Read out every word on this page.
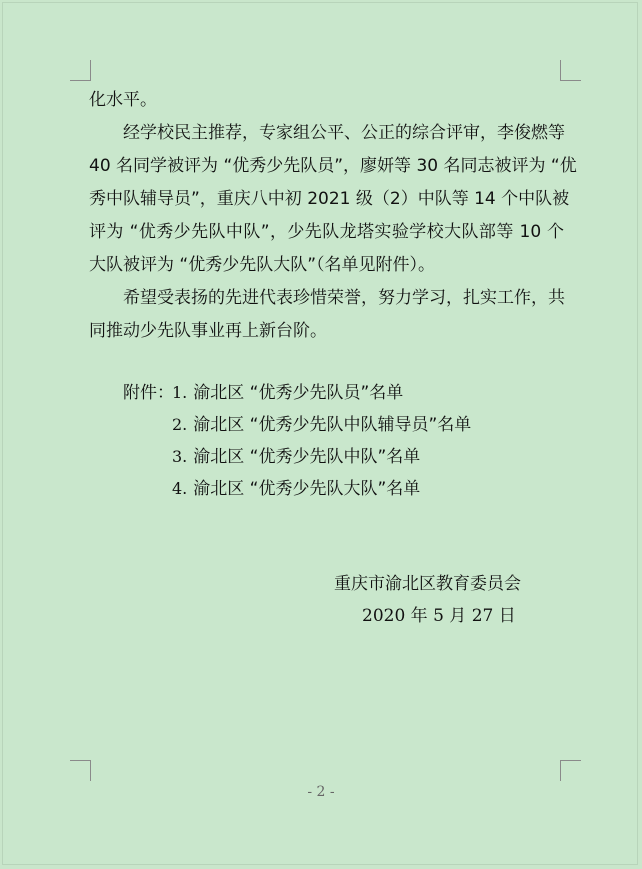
化水平。
经学校民主推荐，专家组公平、公正的综合评审，李俊燃等
40 名同学被评为 “优秀少先队员”，廖妍等 30 名同志被评为 “优
秀中队辅导员”，重庆八中初 2021 级（2）中队等 14 个中队被
评为 “优秀少先队中队”，少先队龙塔实验学校大队部等 10 个
大队被评为 “优秀少先队大队”（名单见附件）。
希望受表扬的先进代表珍惜荣誉，努力学习，扎实工作，共
同推动少先队事业再上新台阶。
附件：
1. 渝北区 “优秀少先队员”名单
2. 渝北区 “优秀少先队中队辅导员”名单
3. 渝北区 “优秀少先队中队”名单
4. 渝北区 “优秀少先队大队”名单
重庆市渝北区教育委员会
2020 年 5 月 27 日
- 2 -
